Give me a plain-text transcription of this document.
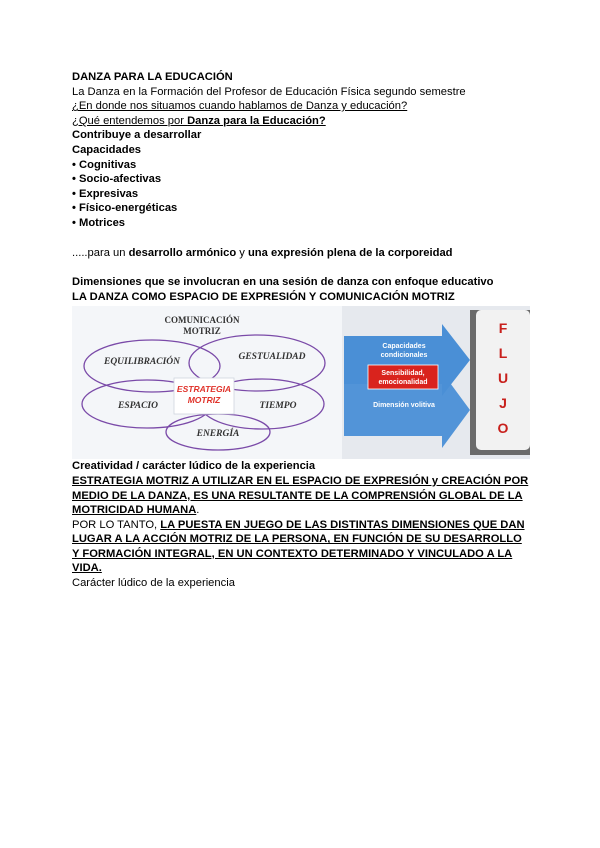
DANZA PARA LA EDUCACIÓN
La Danza en la Formación del Profesor de Educación Física segundo semestre
¿En donde nos situamos cuando hablamos de Danza y educación?
¿Qué entendemos por Danza para la Educación?
Contribuye a desarrollar
Capacidades
• Cognitivas
• Socio-afectivas
• Expresivas
• Físico-energéticas
• Motrices
.....para un desarrollo armónico y una expresión plena de la corporeidad
Dimensiones que se involucran en una sesión de danza con enfoque educativo
LA DANZA COMO ESPACIO DE EXPRESIÓN Y COMUNICACIÓN MOTRIZ
COMUNICACIÓN
MOTRIZ
EQUILIBRACIÓN	GESTUALIDAD
ESTRATEGIA
MOTRIZ
ESPACIO	TIEMPO
ENERGÍA
Capacidades
condicionales
Sensibilidad,
emocionalidad
Dimensión volitiva
F
L
U
J
O
Creatividad / carácter lúdico de la experiencia
ESTRATEGIA MOTRIZ A UTILIZAR EN EL ESPACIO DE EXPRESIÓN y CREACIÓN POR MEDIO DE LA DANZA, ES UNA RESULTANTE DE LA COMPRENSIÓN GLOBAL DE LA MOTRICIDAD HUMANA.
POR LO TANTO, LA PUESTA EN JUEGO DE LAS DISTINTAS DIMENSIONES QUE DAN LUGAR A LA ACCIÓN MOTRIZ DE LA PERSONA, EN FUNCIÓN DE SU DESARROLLO Y FORMACIÓN INTEGRAL, EN UN CONTEXTO DETERMINADO Y VINCULADO A LA VIDA.
Carácter lúdico de la experiencia
